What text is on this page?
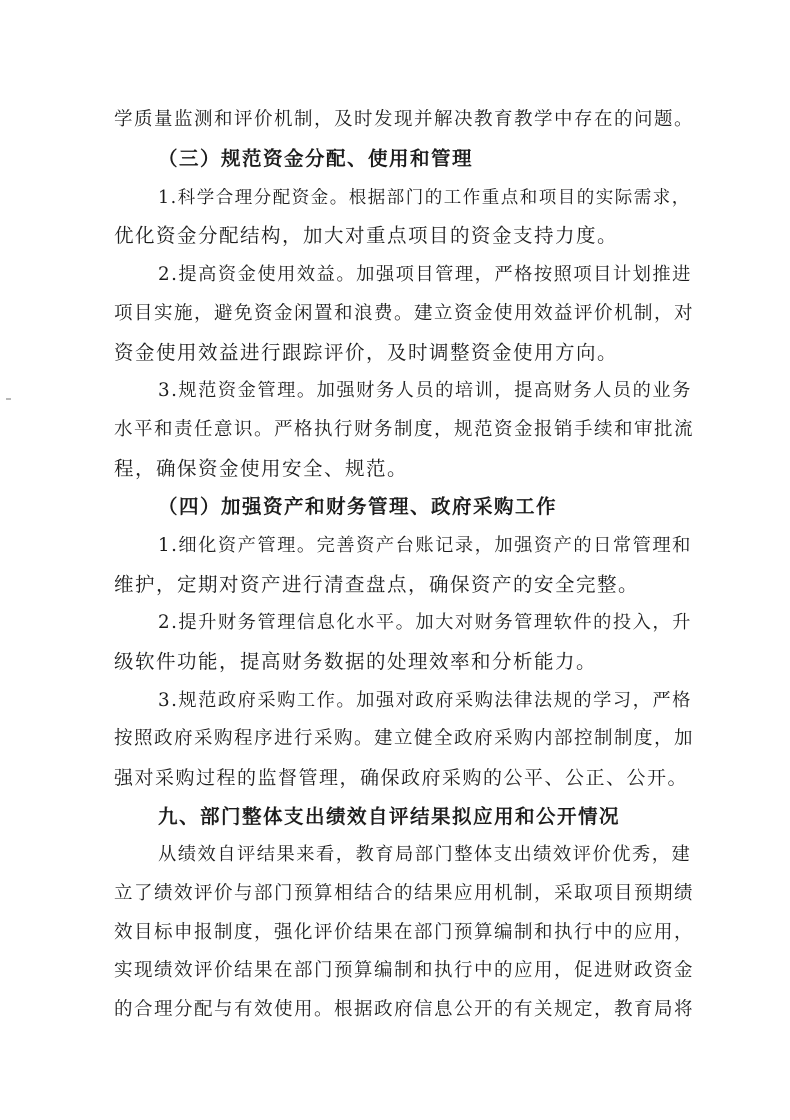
学质量监测和评价机制，及时发现并解决教育教学中存在的问题。
（三）规范资金分配、使用和管理
1.科学合理分配资金。根据部门的工作重点和项目的实际需求，
优化资金分配结构，加大对重点项目的资金支持力度。
2.提高资金使用效益。加强项目管理，严格按照项目计划推进
项目实施，避免资金闲置和浪费。建立资金使用效益评价机制，对
资金使用效益进行跟踪评价，及时调整资金使用方向。
3.规范资金管理。加强财务人员的培训，提高财务人员的业务
水平和责任意识。严格执行财务制度，规范资金报销手续和审批流
程，确保资金使用安全、规范。
（四）加强资产和财务管理、政府采购工作
1.细化资产管理。完善资产台账记录，加强资产的日常管理和
维护，定期对资产进行清查盘点，确保资产的安全完整。
2.提升财务管理信息化水平。加大对财务管理软件的投入，升
级软件功能，提高财务数据的处理效率和分析能力。
3.规范政府采购工作。加强对政府采购法律法规的学习，严格
按照政府采购程序进行采购。建立健全政府采购内部控制制度，加
强对采购过程的监督管理，确保政府采购的公平、公正、公开。
九、部门整体支出绩效自评结果拟应用和公开情况
从绩效自评结果来看，教育局部门整体支出绩效评价优秀，建
立了绩效评价与部门预算相结合的结果应用机制，采取项目预期绩
效目标申报制度，强化评价结果在部门预算编制和执行中的应用，
实现绩效评价结果在部门预算编制和执行中的应用，促进财政资金
的合理分配与有效使用。根据政府信息公开的有关规定，教育局将
